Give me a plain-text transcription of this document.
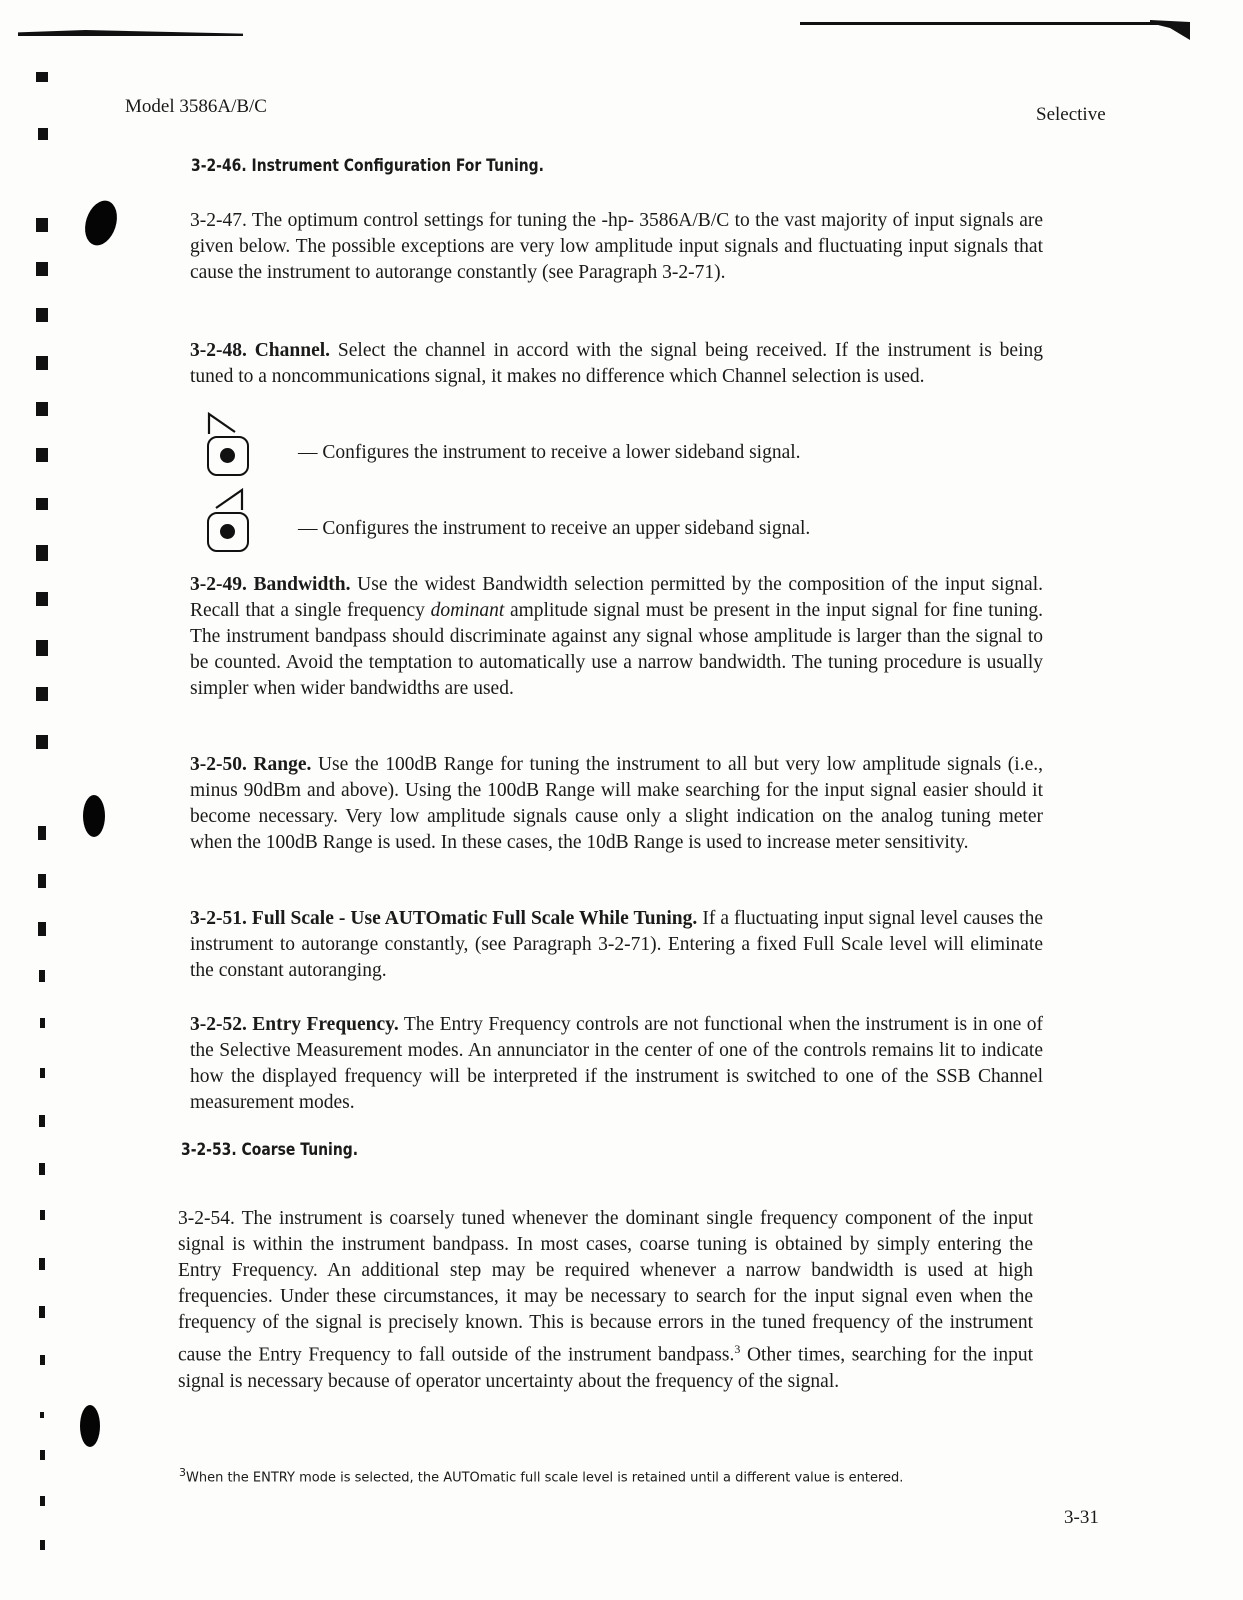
Model 3586A/B/C	Selective
3-2-46. Instrument Configuration For Tuning.
3-2-47. The optimum control settings for tuning the -hp- 3586A/B/C to the vast majority of input signals are given below. The possible exceptions are very low amplitude input signals and fluctuating input signals that cause the instrument to autorange constantly (see Paragraph 3-2-71).
3-2-48. Channel. Select the channel in accord with the signal being received. If the instrument is being tuned to a noncommunications signal, it makes no difference which Channel selection is used.
— Configures the instrument to receive a lower sideband signal.
— Configures the instrument to receive an upper sideband signal.
3-2-49. Bandwidth. Use the widest Bandwidth selection permitted by the composition of the input signal. Recall that a single frequency dominant amplitude signal must be present in the input signal for fine tuning. The instrument bandpass should discriminate against any signal whose amplitude is larger than the signal to be counted. Avoid the temptation to automatically use a narrow bandwidth. The tuning procedure is usually simpler when wider bandwidths are used.
3-2-50. Range. Use the 100dB Range for tuning the instrument to all but very low amplitude signals (i.e., minus 90dBm and above). Using the 100dB Range will make searching for the input signal easier should it become necessary. Very low amplitude signals cause only a slight indication on the analog tuning meter when the 100dB Range is used. In these cases, the 10dB Range is used to increase meter sensitivity.
3-2-51. Full Scale - Use AUTOmatic Full Scale While Tuning. If a fluctuating input signal level causes the instrument to autorange constantly, (see Paragraph 3-2-71). Entering a fixed Full Scale level will eliminate the constant autoranging.
3-2-52. Entry Frequency. The Entry Frequency controls are not functional when the instrument is in one of the Selective Measurement modes. An annunciator in the center of one of the controls remains lit to indicate how the displayed frequency will be interpreted if the instrument is switched to one of the SSB Channel measurement modes.
3-2-53. Coarse Tuning.
3-2-54. The instrument is coarsely tuned whenever the dominant single frequency component of the input signal is within the instrument bandpass. In most cases, coarse tuning is obtained by simply entering the Entry Frequency. An additional step may be required whenever a narrow bandwidth is used at high frequencies. Under these circumstances, it may be necessary to search for the input signal even when the frequency of the signal is precisely known. This is because errors in the tuned frequency of the instrument cause the Entry Frequency to fall outside of the instrument bandpass.$^3$ Other times, searching for the input signal is necessary because of operator uncertainty about the frequency of the signal.
$^3$When the ENTRY mode is selected, the AUTOmatic full scale level is retained until a different value is entered.
3-31
